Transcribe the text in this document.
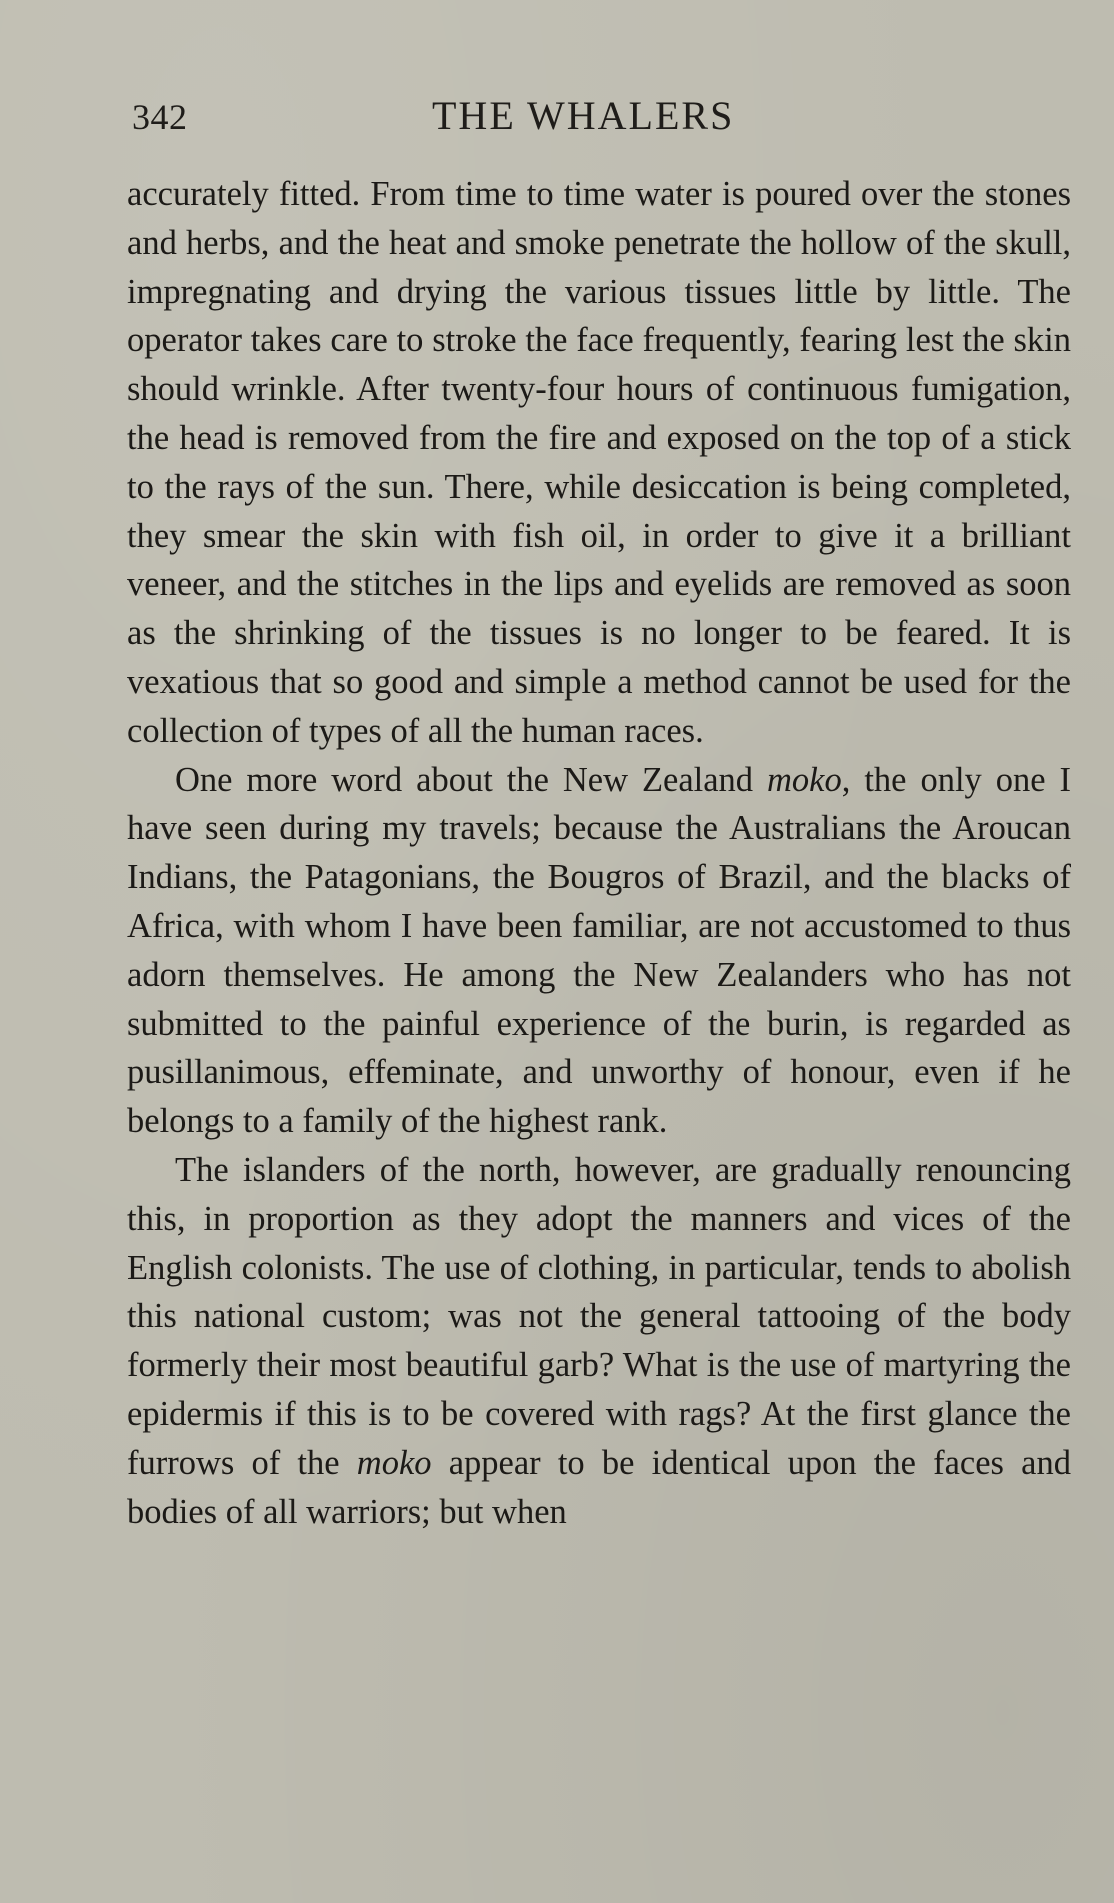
342	THE WHALERS

accurately fitted. From time to time water is poured over the stones and herbs, and the heat and smoke penetrate the hollow of the skull, impregnating and drying the various tissues little by little. The operator takes care to stroke the face frequently, fearing lest the skin should wrinkle. After twenty-four hours of continuous fumigation, the head is removed from the fire and exposed on the top of a stick to the rays of the sun. There, while desiccation is being completed, they smear the skin with fish oil, in order to give it a brilliant veneer, and the stitches in the lips and eyelids are removed as soon as the shrinking of the tissues is no longer to be feared. It is vexatious that so good and simple a method cannot be used for the collection of types of all the human races.

One more word about the New Zealand moko, the only one I have seen during my travels; because the Australians the Aroucan Indians, the Patagonians, the Bougros of Brazil, and the blacks of Africa, with whom I have been familiar, are not accustomed to thus adorn themselves. He among the New Zealanders who has not submitted to the painful experience of the burin, is regarded as pusillanimous, effeminate, and unworthy of honour, even if he belongs to a family of the highest rank.

The islanders of the north, however, are gradually renouncing this, in proportion as they adopt the manners and vices of the English colonists. The use of clothing, in particular, tends to abolish this national custom; was not the general tattooing of the body formerly their most beautiful garb? What is the use of martyring the epidermis if this is to be covered with rags? At the first glance the furrows of the moko appear to be identical upon the faces and bodies of all warriors; but when
